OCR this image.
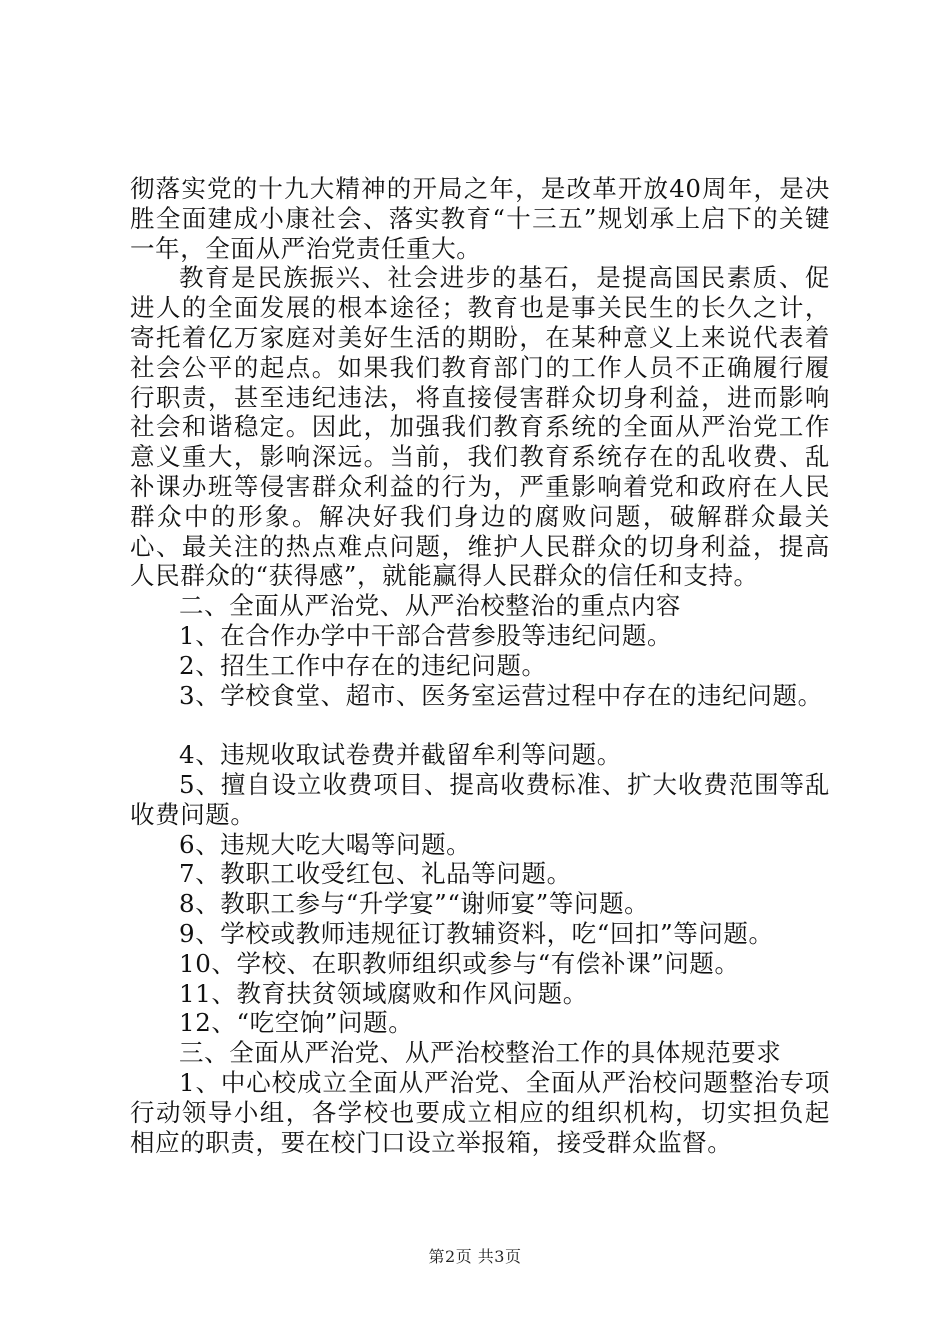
彻落实党的十九大精神的开局之年，是改革开放40周年，是决胜全面建成小康社会、落实教育“十三五”规划承上启下的关键一年，全面从严治党责任重大。

教育是民族振兴、社会进步的基石，是提高国民素质、促进人的全面发展的根本途径；教育也是事关民生的长久之计，寄托着亿万家庭对美好生活的期盼，在某种意义上来说代表着社会公平的起点。如果我们教育部门的工作人员不正确履行履行职责，甚至违纪违法，将直接侵害群众切身利益，进而影响社会和谐稳定。因此，加强我们教育系统的全面从严治党工作意义重大，影响深远。当前，我们教育系统存在的乱收费、乱补课办班等侵害群众利益的行为，严重影响着党和政府在人民群众中的形象。解决好我们身边的腐败问题，破解群众最关心、最关注的热点难点问题，维护人民群众的切身利益，提高人民群众的“获得感”，就能赢得人民群众的信任和支持。

二、全面从严治党、从严治校整治的重点内容

1、在合作办学中干部合营参股等违纪问题。

2、招生工作中存在的违纪问题。

3、学校食堂、超市、医务室运营过程中存在的违纪问题。

4、违规收取试卷费并截留牟利等问题。

5、擅自设立收费项目、提高收费标准、扩大收费范围等乱收费问题。

6、违规大吃大喝等问题。

7、教职工收受红包、礼品等问题。

8、教职工参与“升学宴”“谢师宴”等问题。

9、学校或教师违规征订教辅资料，吃“回扣”等问题。

10、学校、在职教师组织或参与“有偿补课”问题。

11、教育扶贫领域腐败和作风问题。

12、“吃空饷”问题。

三、全面从严治党、从严治校整治工作的具体规范要求

1、中心校成立全面从严治党、全面从严治校问题整治专项行动领导小组，各学校也要成立相应的组织机构，切实担负起相应的职责，要在校门口设立举报箱，接受群众监督。

第2页 共3页
